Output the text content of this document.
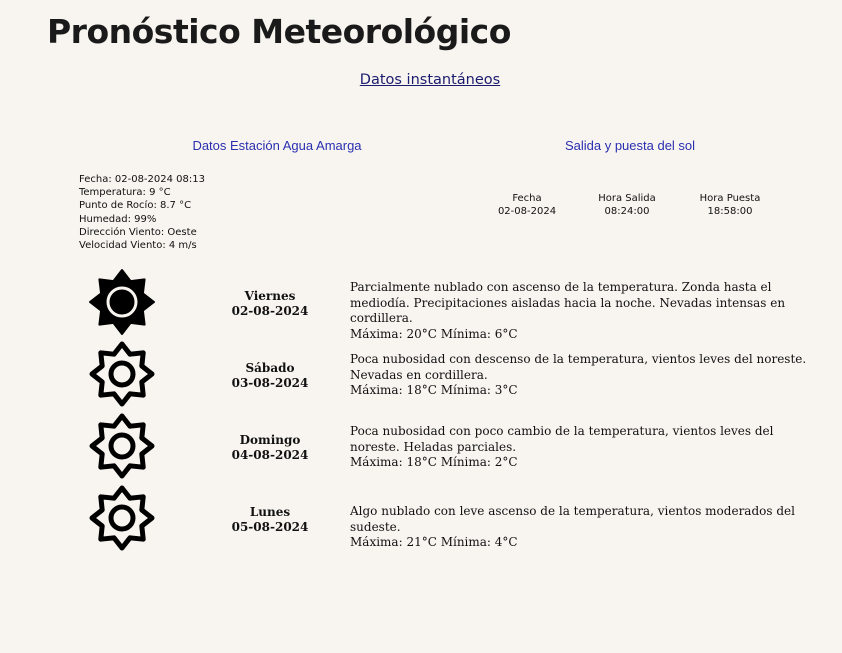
Pronóstico Meteorológico
Datos instantáneos
Datos Estación Agua Amarga	Salida y puesta del sol
Fecha: 02-08-2024 08:13
Temperatura: 9 °C
Punto de Rocío: 8.7 °C
Humedad: 99%
Dirección Viento: Oeste
Velocidad Viento: 4 m/s
Fecha
02-08-2024
Hora Salida
08:24:00
Hora Puesta
18:58:00
Viernes
02-08-2024
Parcialmente nublado con ascenso de la temperatura. Zonda hasta el mediodía. Precipitaciones aisladas hacia la noche. Nevadas intensas en cordillera.
Máxima: 20°C Mínima: 6°C
Sábado
03-08-2024
Poca nubosidad con descenso de la temperatura, vientos leves del noreste. Nevadas en cordillera.
Máxima: 18°C Mínima: 3°C
Domingo
04-08-2024
Poca nubosidad con poco cambio de la temperatura, vientos leves del noreste. Heladas parciales.
Máxima: 18°C Mínima: 2°C
Lunes
05-08-2024
Algo nublado con leve ascenso de la temperatura, vientos moderados del sudeste.
Máxima: 21°C Mínima: 4°C
